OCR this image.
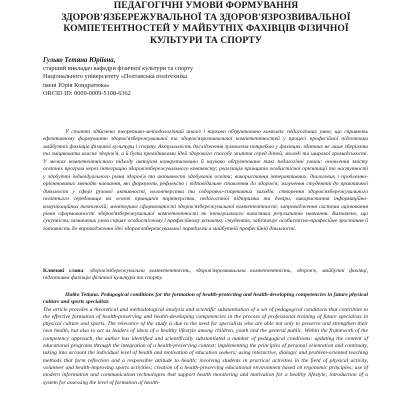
ПЕДАГОГІЧНІ УМОВИ ФОРМУВАННЯ
ЗДОРОВ'ЯЗБЕРЕЖУВАЛЬНОЇ ТА ЗДОРОВ'ЯЗРОЗВИВАЛЬНОЇ
КОМПЕТЕНТНОСТЕЙ У МАЙБУТНІХ ФАХІВЦІВ ФІЗИЧНОЇ
КУЛЬТУРИ ТА СПОРТУ
Гулько Тетяна Юріївна,
старший викладач кафедри фізичної культури та спорту
Національного університету «Полтавська політехніка
імені Юрія Кондратюка»
ORCID ID: 0009-0009-5108-6362
У статті здійснено теоретико-методологічний аналіз і науково обґрунтовано комплекс педагогічних умов, що сприяють ефективному формуванню здоров'язбережувальної та здоров'язрозвивальної компетентностей у процесі професійної підготовки майбутніх фахівців фізичної культури і спорту. Актуальність дослідження зумовлена потребою у фахівцях, здатних не лише зберігати та зміцнювати власне здоров'я, а й бути провідниками ідей здорового способу життя серед дітей, молоді та широкої громадськості. У межах компетентнісного підходу автором конкретизовано й науково обґрунтовано такі педагогічні умови: оновлення змісту освітніх програм через інтеграцію здоров'язбережувального контексту; реалізація принципів особистісної орієнтації та наступності у здобутті індивідуального рівня здоров'я та активності здобувачів освіти; використання інтерактивних, діалогових і проблемно-орієнтованих методів навчання, які формують рефлексію і відповідальне ставлення до здоров'я; залучення студентів до практичної діяльності у сфері рухової активності, волонтерства та оздоровчо-спортивних заходів; створення здоров'язбережувального освітнього середовища на основі принципів партнерства, педагогічної підтримки та довіри; використання інформаційно-комунікаційних технологій; моніторинг сформованості здоров'язбережувальної компетентності; запровадження системи оцінювання рівня сформованості здоров'язбережувальної компетентності як інтегрального показника результатів навчання. Визначено, що сукупність зазначених умов сприяє особистісному і професійному розвитку студентів, забезпечує особистісно-професійне зростання й готовність до впровадження ідеї здоров'язбережувальної парадигми в майбутній професійній діяльності.
Ключові слова: здоров'язбережувальна компетентність, здоров'язрозвивальна компетентність, здоров'я, майбутні фахівці, підготовка фахівців фізичної культури та спорту.
Hulko Tetiana. Pedagogical conditions for the formation of health-protecting and health-developing competencies in future physical culture and sports specialists
The article provides a theoretical and methodological analysis and scientific substantiation of a set of pedagogical conditions that contribute to the effective formation of health-preserving and health-developing competencies in the process of professional training of future specialists in physical culture and sports. The relevance of the study is due to the need for specialists who are able not only to preserve and strengthen their own health, but also to act as leaders of ideas of a healthy lifestyle among children, youth and the general public. Within the framework of the competency approach, the author has identified and scientifically substantiated a number of pedagogical conditions: updating the content of educational programs through the integration of a health-preserving context; implementing the principles of personal orientation and continuity, taking into account the individual level of health and motivation of education seekers; using interactive, dialogic and problem-oriented teaching methods that form reflection and a responsible attitude to health; involving students in practical activities in the field of physical activity, volunteer and health-improving sports activities; creation of a health-preserving educational environment based on ergonomic principles; use of modern information and communication technologies that support health monitoring and motivation for a healthy lifestyle; introduction of a system for assessing the level of formation of health-
